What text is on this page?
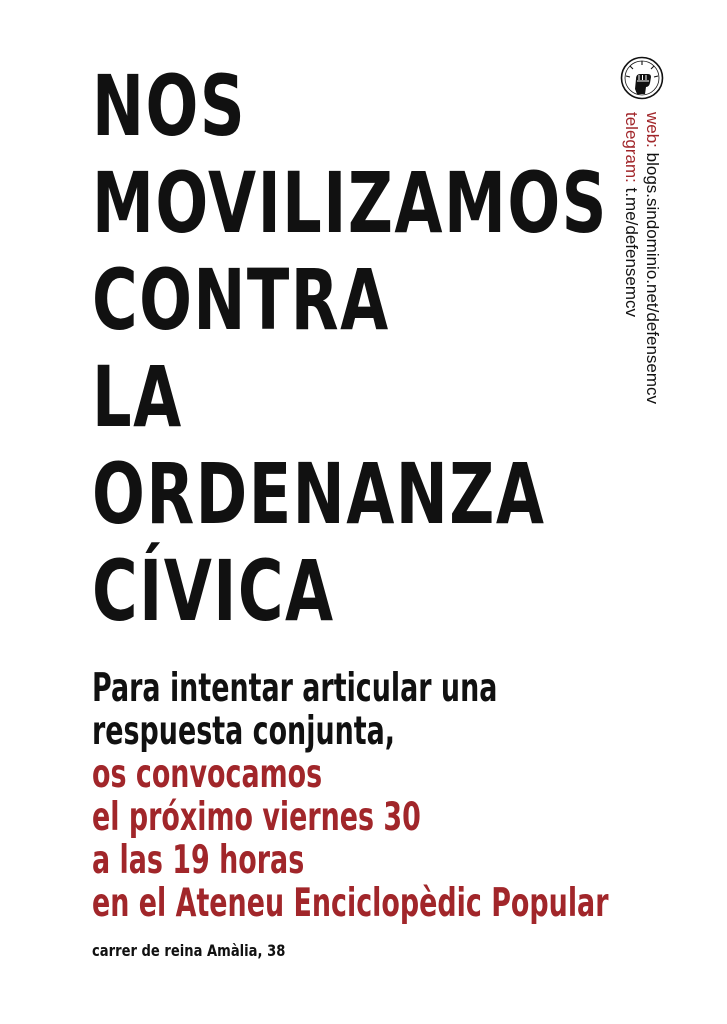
NOS
MOVILIZAMOS
CONTRA
LA
ORDENANZA
CÍVICA
Para intentar articular una
respuesta conjunta,
os convocamos
el próximo viernes 30
a las 19 horas
en el Ateneu Enciclopèdic Popular
carrer de reina Amàlia, 38
web: blogs.sindominio.net/defensemcv
telegram: t.me/defensemcv
